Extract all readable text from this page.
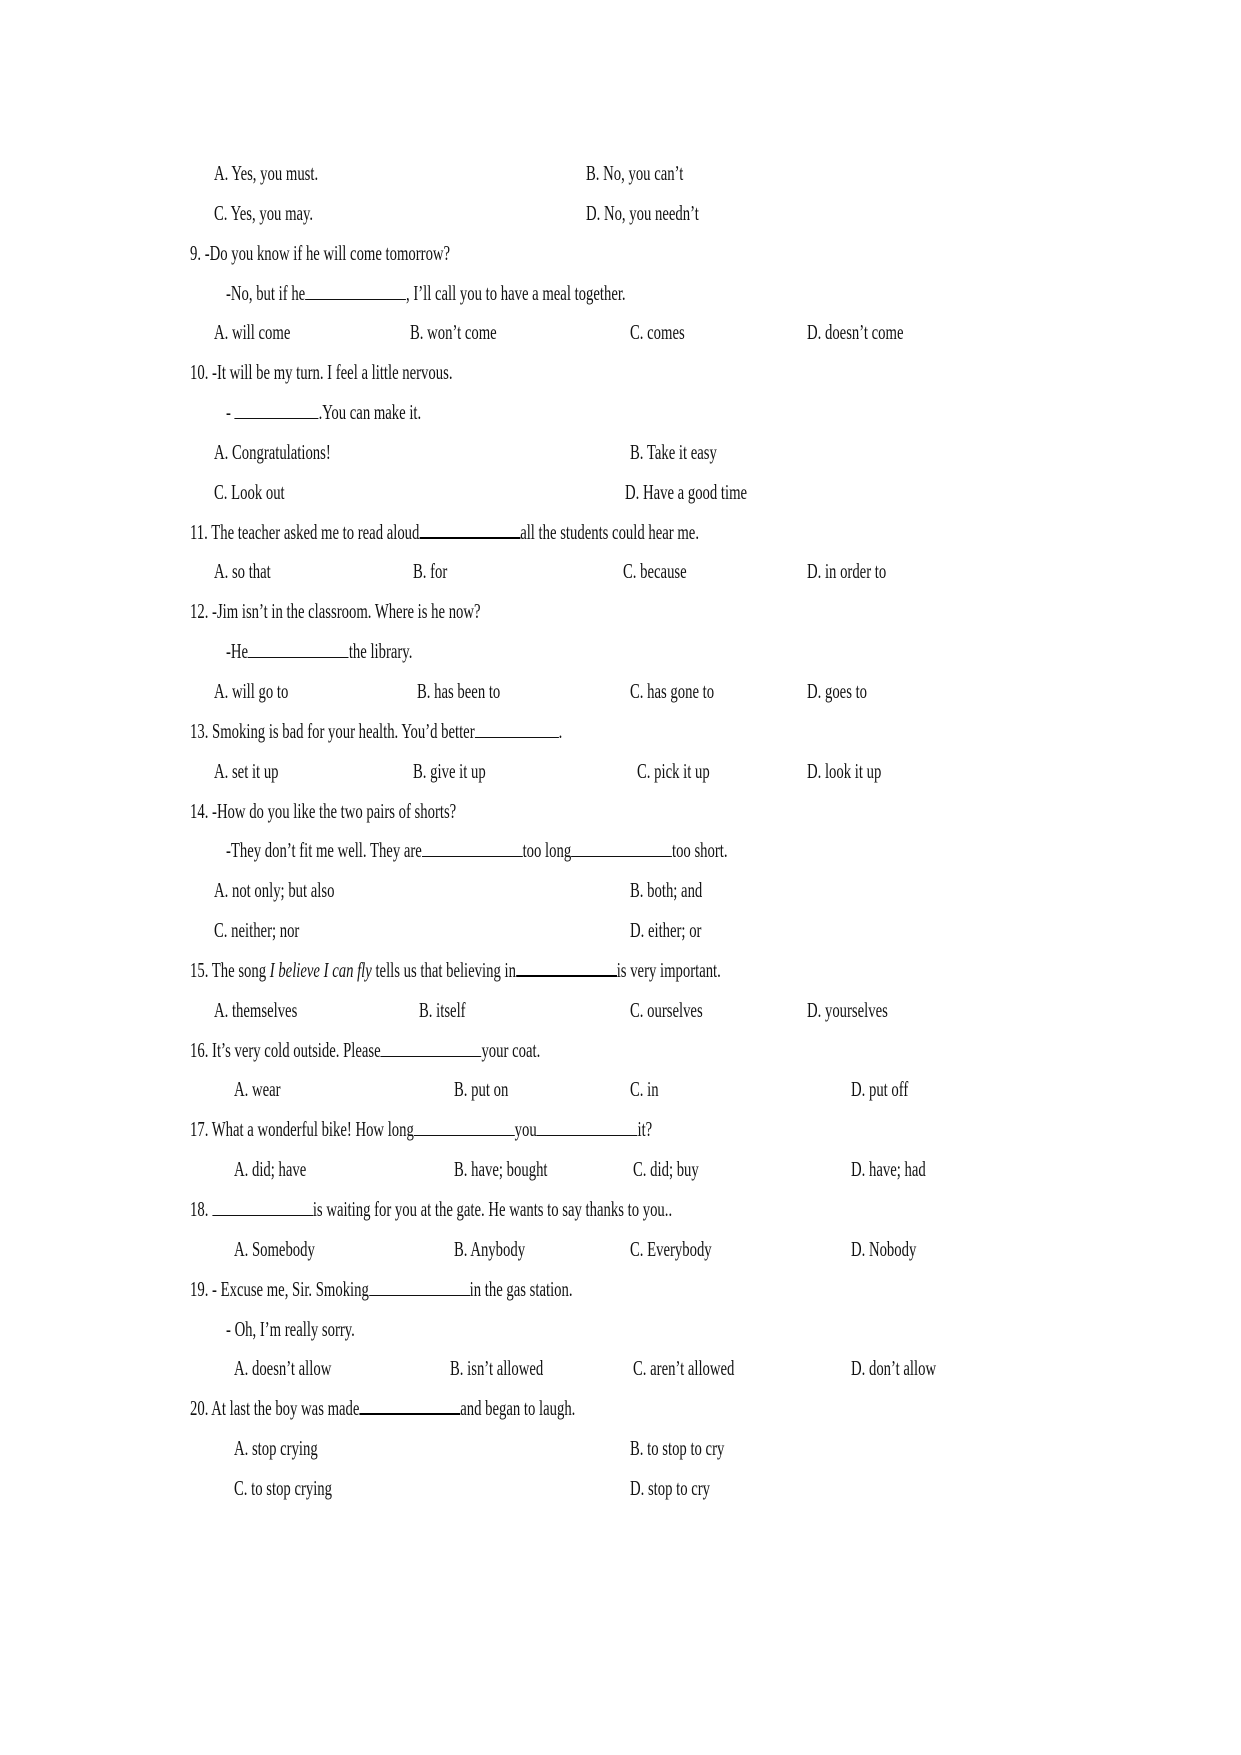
A. Yes, you must.	B. No, you can’t
C. Yes, you may.	D. No, you needn’t
9. -Do you know if he will come tomorrow?
-No, but if he	, I’ll call you to have a meal together.
A. will come	B. won’t come	C. comes	D. doesn’t come
10. -It will be my turn. I feel a little nervous.
-	.You can make it.
A. Congratulations!	B. Take it easy
C. Look out	D. Have a good time
11. The teacher asked me to read aloud	all the students could hear me.
A. so that	B. for	C. because	D. in order to
12. -Jim isn’t in the classroom. Where is he now?
-He	the library.
A. will go to	B. has been to	C. has gone to	D. goes to
13. Smoking is bad for your health. You’d better	.
A. set it up	B. give it up	C. pick it up	D. look it up
14. -How do you like the two pairs of shorts?
-They don’t fit me well. They are	too long	too short.
A. not only; but also	B. both; and
C. neither; nor	D. either; or
15. The song I believe I can fly tells us that believing in	is very important.
A. themselves	B. itself	C. ourselves	D. yourselves
16. It’s very cold outside. Please	your coat.
A. wear	B. put on	C. in	D. put off
17. What a wonderful bike! How long	you	it?
A. did; have	B. have; bought	C. did; buy	D. have; had
18.	is waiting for you at the gate. He wants to say thanks to you..
A. Somebody	B. Anybody	C. Everybody	D. Nobody
19. - Excuse me, Sir. Smoking	in the gas station.
- Oh, I’m really sorry.
A. doesn’t allow	B. isn’t allowed	C. aren’t allowed	D. don’t allow
20. At last the boy was made	and began to laugh.
A. stop crying	B. to stop to cry
C. to stop crying	D. stop to cry
